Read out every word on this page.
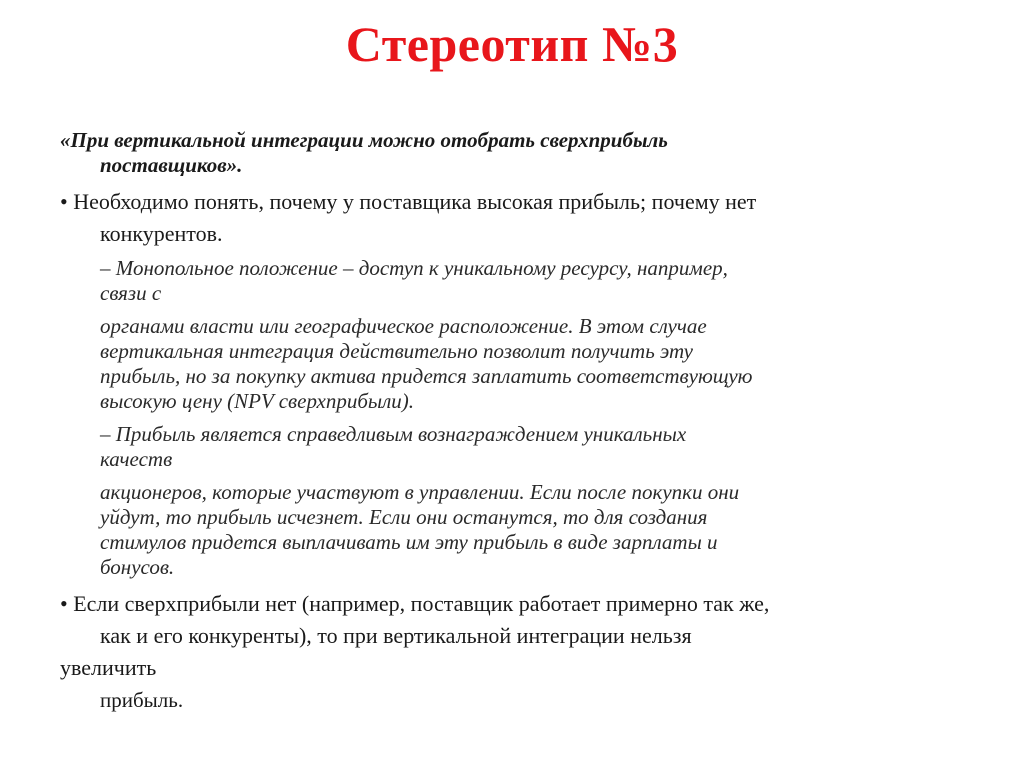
Стереотип №3

«При вертикальной интеграции можно отобрать сверхприбыль
поставщиков».

• Необходимо понять, почему у поставщика высокая прибыль; почему нет
конкурентов.

– Монопольное положение – доступ к уникальному ресурсу, например,
связи с

органами власти или географическое расположение. В этом случае
вертикальная интеграция действительно позволит получить эту
прибыль, но за покупку актива придется заплатить соответствующую
высокую цену (NPV сверхприбыли).

– Прибыль является справедливым вознаграждением уникальных
качеств

акционеров, которые участвуют в управлении. Если после покупки они
уйдут, то прибыль исчезнет. Если они останутся, то для создания
стимулов придется выплачивать им эту прибыль в виде зарплаты и
бонусов.

• Если сверхприбыли нет (например, поставщик работает примерно так же,
как и его конкуренты), то при вертикальной интеграции нельзя
увеличить

прибыль.
